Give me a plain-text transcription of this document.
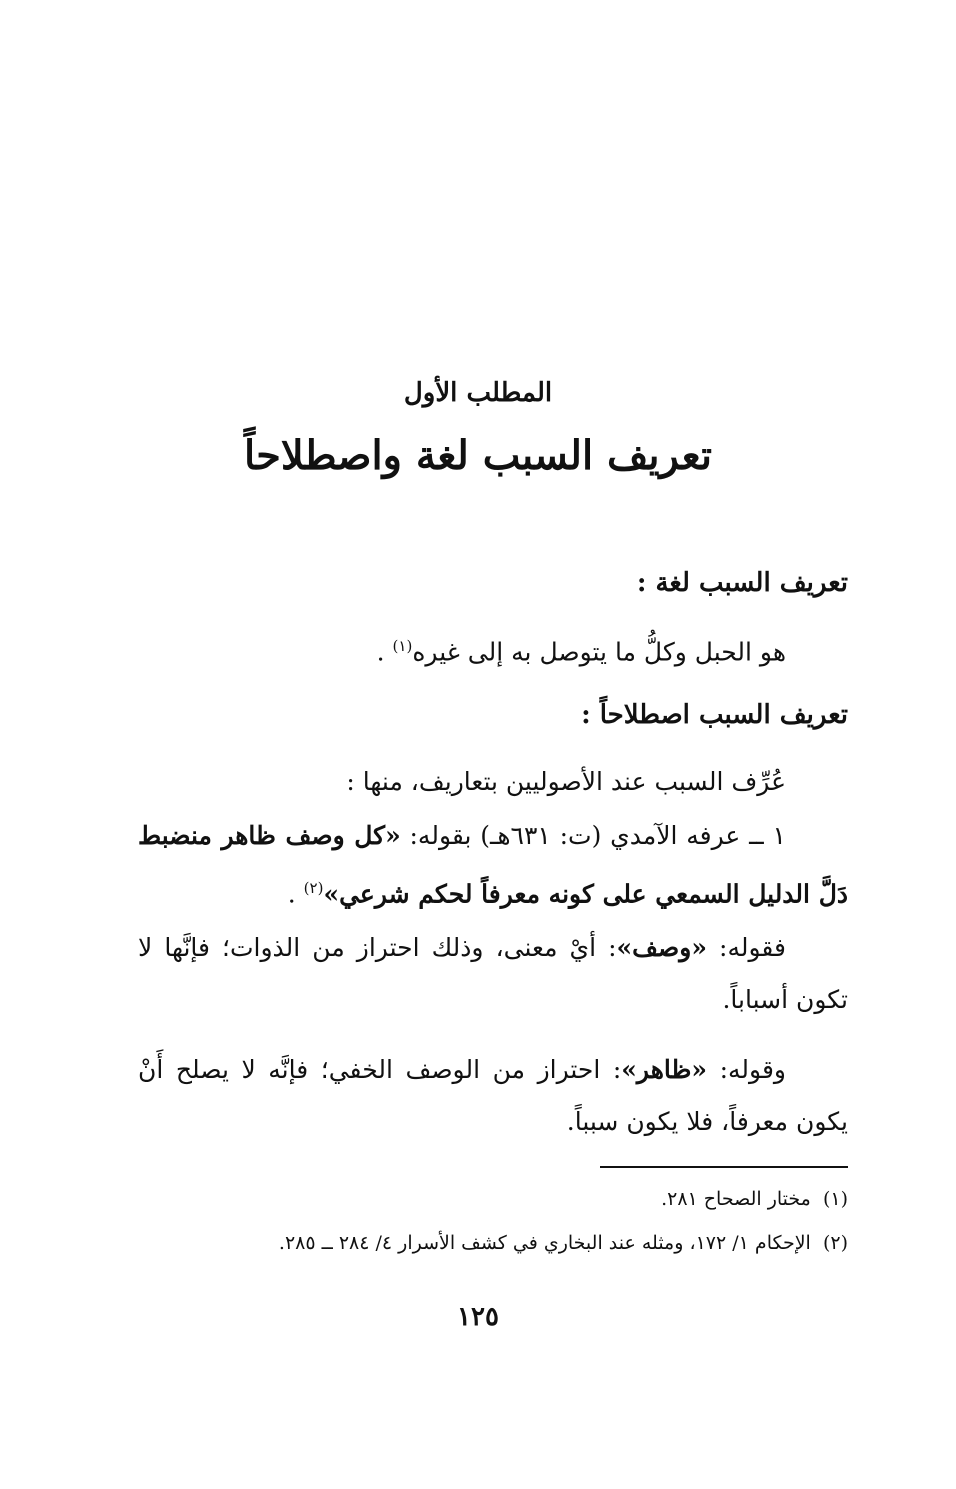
المطلب الأول
تعريف السبب لغة واصطلاحاً
تعريف السبب لغة :
هو الحبل وكلُّ ما يتوصل به إلى غيره$^{(١)}$ .
تعريف السبب اصطلاحاً :
عُرِّف السبب عند الأصوليين بتعاريف، منها :
١ ــ عرفه الآمدي (ت: ٦٣١هـ) بقوله: «كل وصف ظاهر منضبط دَلَّ الدليل السمعي على كونه معرفاً لحكم شرعي»$^{(٢)}$ .
فقوله: «وصف»: أيْ معنى، وذلك احتراز من الذوات؛ فإنَّها لا تكون أسباباً.
وقوله: «ظاهر»: احتراز من الوصف الخفي؛ فإنَّه لا يصلح أَنْ يكون معرفاً، فلا يكون سبباً.
(١)  مختار الصحاح ٢٨١.
(٢)  الإحكام ١/ ١٧٢، ومثله عند البخاري في كشف الأسرار ٤/ ٢٨٤ ــ ٢٨٥.
١٢٥
